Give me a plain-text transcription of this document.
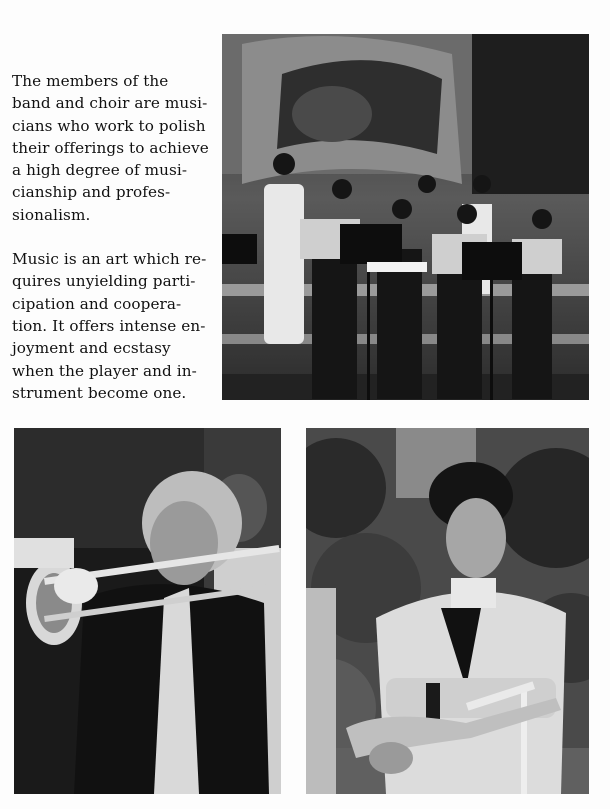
The members of the
band and choir are musi-
cians who work to polish
their offerings to achieve
a high degree of musi-
cianship and profes-
sionalism.
Music is an art which re-
quires unyielding parti-
cipation and coopera-
tion. It offers intense en-
joyment and ecstasy
when the player and in-
strument become one.
